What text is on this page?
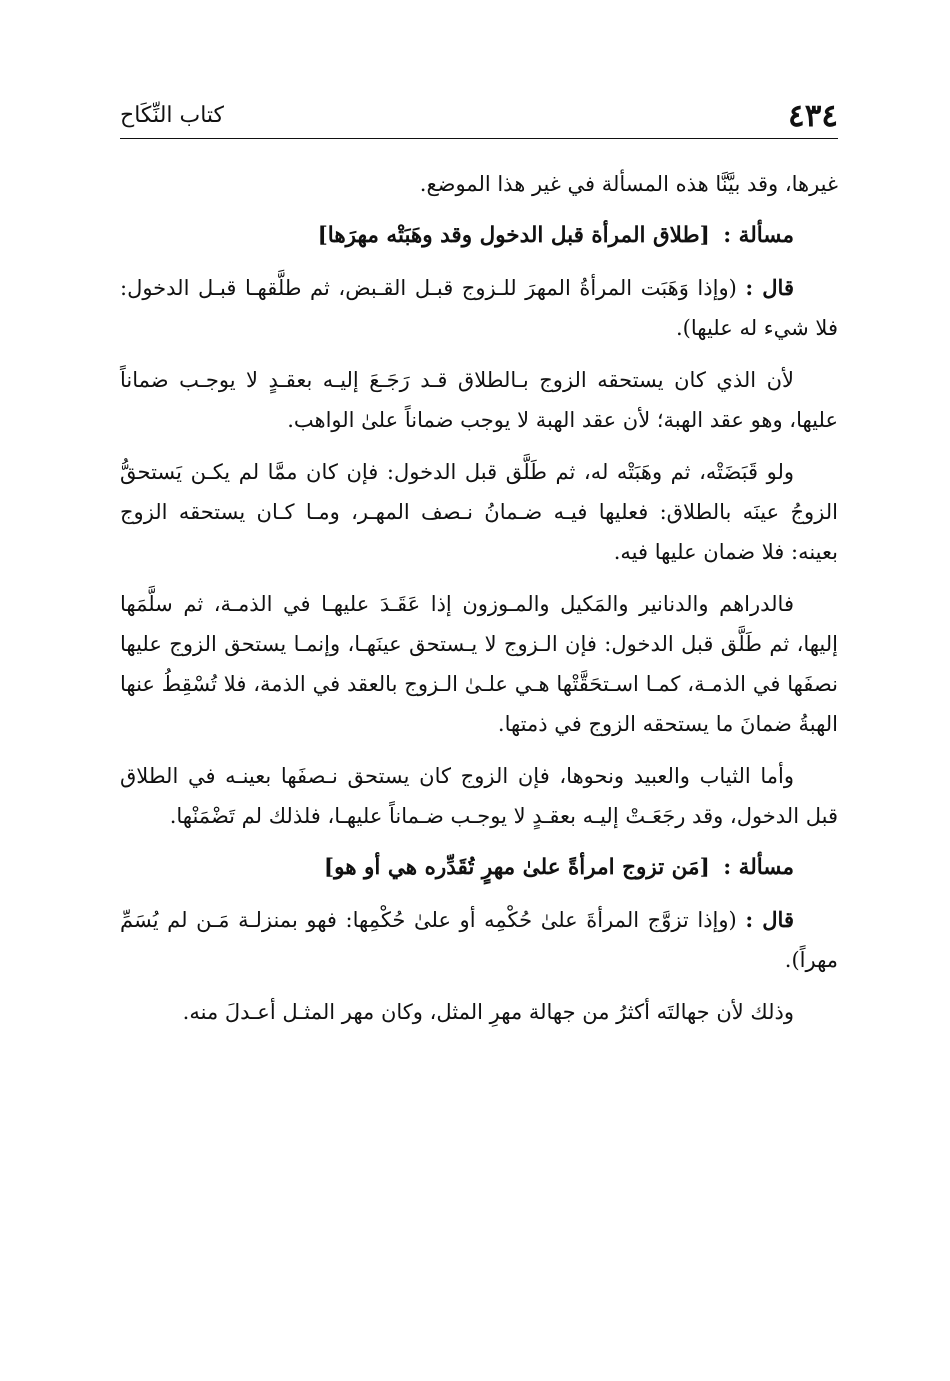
٤٣٤
كتاب النِّكَاح

غيرها، وقد بيَّنَّا هذه المسألة في غير هذا الموضع.

مسألة : [طلاق المرأة قبل الدخول وقد وهَبَتْه مهرَها]

قال : (وإذا وَهَبَت المرأةُ المهرَ للـزوج قبـل القـبض، ثم طلَّقهـا قبـل الدخول: فلا شيء له عليها).

لأن الذي كان يستحقه الزوج بـالطلاق قـد رَجَـعَ إليـه بعقـدٍ لا يوجـب ضماناً عليها، وهو عقد الهبة؛ لأن عقد الهبة لا يوجب ضماناً علىٰ الواهب.

ولو قَبَضَتْه، ثم وهَبَتْه له، ثم طَلَّق قبل الدخول: فإن كان ممَّا لم يكـن يَستحقُّ الزوجُ عينَه بالطلاق: فعليها فيـه ضـمانُ نـصف المهـر، ومـا كـان يستحقه الزوج بعينه: فلا ضمان عليها فيه.

فالدراهم والدنانير والمَكيل والمـوزون إذا عَقَـدَ عليهـا في الذمـة، ثم سلَّمَها إليها، ثم طَلَّق قبل الدخول: فإن الـزوج لا يـستحق عينَهـا، وإنمـا يستحق الزوج عليها نصفَها في الذمـة، كمـا اسـتحَقَّتْها هـي علـىٰ الـزوج بالعقد في الذمة، فلا تُسْقِطُ عنها الهبةُ ضمانَ ما يستحقه الزوج في ذمتها.

وأما الثياب والعبيد ونحوها، فإن الزوج كان يستحق نـصفَها بعينـه في الطلاق قبل الدخول، وقد رجَعَـتْ إليـه بعقـدٍ لا يوجـب ضـماناً عليهـا، فلذلك لم تَضْمَنْها.

مسألة : [مَن تزوج امرأةً علىٰ مهرٍ تُقَدِّره هي أو هو]

قال : (وإذا تزوَّج المرأةَ علىٰ حُكْمِه أو علىٰ حُكْمِها: فهو بمنزلـة مَـن لم يُسَمِّ مهراً).

وذلك لأن جهالتَه أكثرُ من جهالة مهرِ المثل، وكان مهر المثـل أعـدلَ منه.
